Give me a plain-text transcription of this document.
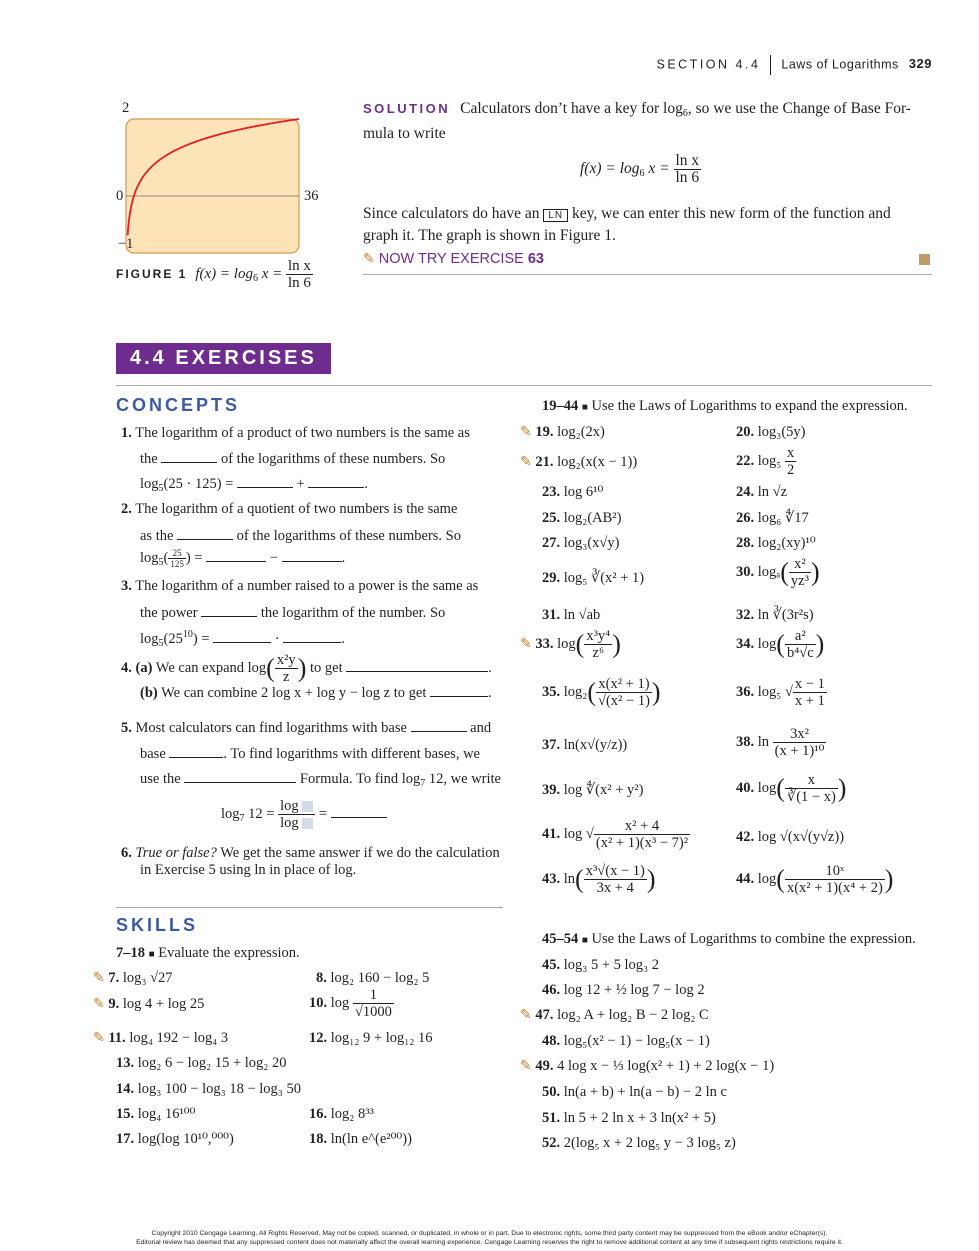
SECTION 4.4 Laws of Logarithms 329
2
0	36
−1
FIGURE 1 $f(x) = \log_6 x = \frac{\text{ln x}}{\ln 6}$
SOLUTION Calculators don’t have a key for $\log_6$, so we use the Change of Base For-
mula to write
$f(x) = \log_6 x = \frac{\text{ln x}}{\ln 6}$
Since calculators do have an LN key, we can enter this new form of the function and
graph it. The graph is shown in Figure 1.
✎ NOW TRY EXERCISE 63
4.4 EXERCISES
CONCEPTS
1. The logarithm of a product of two numbers is the same as
the	of the logarithms of these numbers. So
$\log_5(25 \cdot 125)$ =	+	.
2. The logarithm of a quotient of two numbers is the same
as the	of the logarithms of these numbers. So
$\log_5( \frac{25}{125}$ ) =	−	.
3. The logarithm of a number raised to a power is the same as
the power	the logarithm of the number. So
$\log_5(25^{10})$ =	·	.
4. (a) We can expand $\log( \frac{\text{x²y}}{z}$ ) to get	.
(b) We can combine 2 log x + log y − log z to get	.
5. Most calculators can find logarithms with base	and
base	. To find logarithms with different bases, we
use the	Formula. To find $\log_7 12$, we write
$\log_7 12 = \frac{\log}{\log}$ =
6. True or false? We get the same answer if we do the calculation
in Exercise 5 using ln in place of log.
SKILLS
7–18 ■ Evaluate the expression.
✎ 7. log₃ √27	8. log₂ 160 − log₂ 5
✎ 9. log 4 + log 25	10. $\log \frac{1}{√1000}$
✎ 11. log₄ 192 − log₄ 3	12. log₁₂ 9 + log₁₂ 16
13. log₂ 6 − log₂ 15 + log₂ 20
14. log₃ 100 − log₃ 18 − log₃ 50
15. log₄ 16¹⁰⁰	16. log₂ 8³³
17. log(log 10¹⁰,⁰⁰⁰)	18. ln(ln e^(e²⁰⁰))
19–44 ■ Use the Laws of Logarithms to expand the expression.
✎ 19. log₂(2x)	20. log₃(5y)
✎ 21. log₂(x(x − 1))	22. $\log_5 \frac{x}{2}$
23. log 6¹⁰	24. ln √z
25. log₂(AB²)	26. log₆ ∜17
27. log₃(x√y)	28. log₂(xy)¹⁰
29. log₅ ∛(x² + 1)	30. $\log_a( \frac{\text{x²}}{\text{yz³}}$ )
31. ln √ab	32. ln ∛(3r²s)
✎ 33. $\log( \frac{\text{x³y⁴}}{\text{z⁶}}$ )	34. $\log( \frac{\text{a²}}{\text{b⁴√c}}$ )
35. $\log_2( \frac{\text{x(x² + 1)}}{\text{√(x² − 1)}}$ )	36. log₅ √ $\frac{x - 1}{x + 1}$
37. ln(x√(y/z))	38. $\ln \frac{\text{3x²}}{\text{(x + 1)¹⁰}}$
39. log ∜(x² + y²)	40. $\log( \frac{x}{∛(1 - x)}$ )
41. log √ $\frac{\text{x² + 4}}{\text{(x² + 1)(x³ − 7)²}}$	42. log √(x√(y√z))
43. $\ln( \frac{\text{x³√(x − 1)}}{3x + 4}$ )	44. $\log( \frac{\text{10ˣ}}{\text{x(x² + 1)(x⁴ + 2)}}$ )
45–54 ■ Use the Laws of Logarithms to combine the expression.
45. log₃ 5 + 5 log₃ 2
46. log 12 + ½ log 7 − log 2
✎ 47. log₂ A + log₂ B − 2 log₂ C
48. log₅(x² − 1) − log₅(x − 1)
✎ 49. 4 log x − ⅓ log(x² + 1) + 2 log(x − 1)
50. ln(a + b) + ln(a − b) − 2 ln c
51. ln 5 + 2 ln x + 3 ln(x² + 5)
52. 2(log₅ x + 2 log₅ y − 3 log₅ z)
Copyright 2010 Cengage Learning. All Rights Reserved. May not be copied, scanned, or duplicated, in whole or in part. Due to electronic rights, some third party content may be suppressed from the eBook and/or eChapter(s).
Editorial review has deemed that any suppressed content does not materially affect the overall learning experience. Cengage Learning reserves the right to remove additional content at any time if subsequent rights restrictions require it.
